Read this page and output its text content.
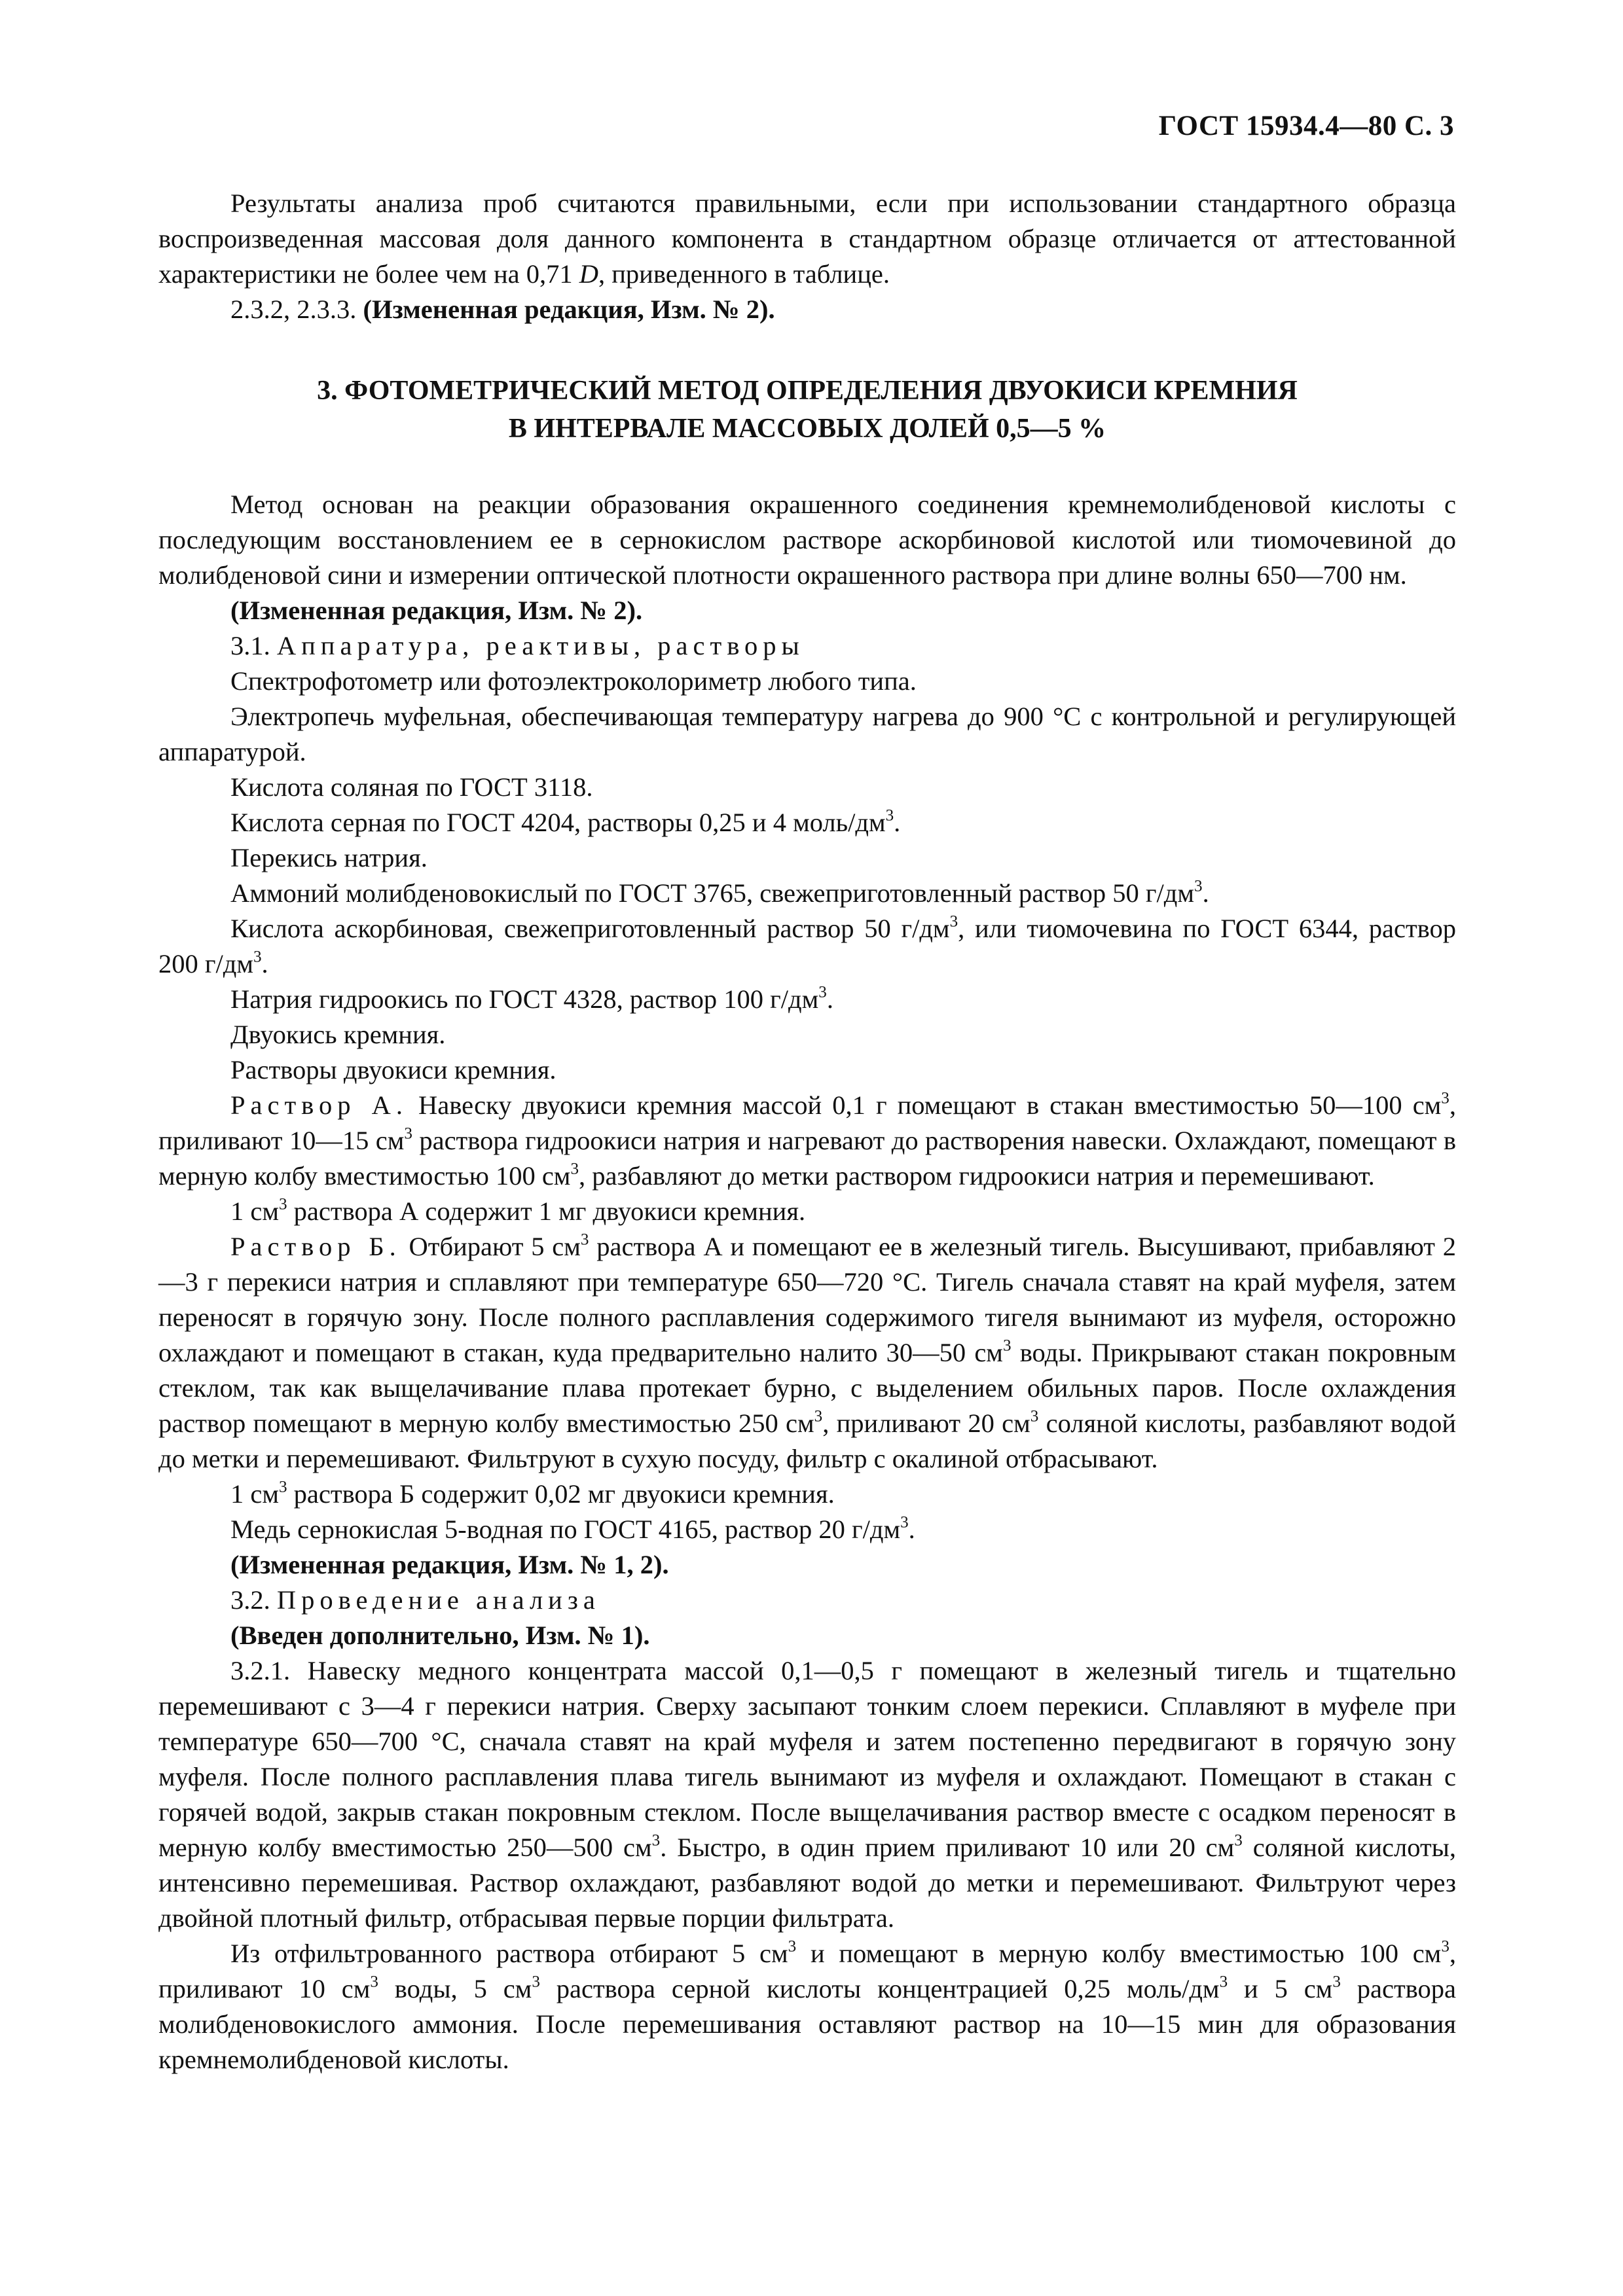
ГОСТ 15934.4—80 С. 3

Результаты анализа проб считаются правильными, если при использовании стандартного образца воспроизведенная массовая доля данного компонента в стандартном образце отличается от аттестованной характеристики не более чем на 0,71 D, приведенного в таблице.

2.3.2, 2.3.3. (Измененная редакция, Изм. № 2).

3. ФОТОМЕТРИЧЕСКИЙ МЕТОД ОПРЕДЕЛЕНИЯ ДВУОКИСИ КРЕМНИЯ
В ИНТЕРВАЛЕ МАССОВЫХ ДОЛЕЙ 0,5—5 %

Метод основан на реакции образования окрашенного соединения кремнемолибденовой кислоты с последующим восстановлением ее в сернокислом растворе аскорбиновой кислотой или тиомочевиной до молибденовой сини и измерении оптической плотности окрашенного раствора при длине волны 650—700 нм.

(Измененная редакция, Изм. № 2).

3.1. Аппаратура, реактивы, растворы

Спектрофотометр или фотоэлектроколориметр любого типа.

Электропечь муфельная, обеспечивающая температуру нагрева до 900 °С с контрольной и регулирующей аппаратурой.

Кислота соляная по ГОСТ 3118.

Кислота серная по ГОСТ 4204, растворы 0,25 и 4 моль/$дм^3$.

Перекись натрия.

Аммоний молибденовокислый по ГОСТ 3765, свежеприготовленный раствор 50 $г/дм^3$.

Кислота аскорбиновая, свежеприготовленный раствор 50 $г/дм^3$, или тиомочевина по ГОСТ 6344, раствор 200 $г/дм^3$.

Натрия гидроокись по ГОСТ 4328, раствор 100 $г/дм^3$.

Двуокись кремния.

Растворы двуокиси кремния.

Раствор А. Навеску двуокиси кремния массой 0,1 г помещают в стакан вместимостью 50—100 $см^3$, приливают 10—15 $см^3$ раствора гидроокиси натрия и нагревают до растворения навески. Охлаждают, помещают в мерную колбу вместимостью 100 $см^3$, разбавляют до метки раствором гидроокиси натрия и перемешивают.

1 $см^3$ раствора А содержит 1 мг двуокиси кремния.

Раствор Б. Отбирают 5 $см^3$ раствора А и помещают ее в железный тигель. Высушивают, прибавляют 2—3 г перекиси натрия и сплавляют при температуре 650—720 °С. Тигель сначала ставят на край муфеля, затем переносят в горячую зону. После полного расплавления содержимого тигеля вынимают из муфеля, осторожно охлаждают и помещают в стакан, куда предварительно налито 30—50 $см^3$ воды. Прикрывают стакан покровным стеклом, так как выщелачивание плава протекает бурно, с выделением обильных паров. После охлаждения раствор помещают в мерную колбу вместимостью 250 $см^3$, приливают 20 $см^3$ соляной кислоты, разбавляют водой до метки и перемешивают. Фильтруют в сухую посуду, фильтр с окалиной отбрасывают.

1 $см^3$ раствора Б содержит 0,02 мг двуокиси кремния.

Медь сернокислая 5-водная по ГОСТ 4165, раствор 20 $г/дм^3$.

(Измененная редакция, Изм. № 1, 2).

3.2. Проведение анализа

(Введен дополнительно, Изм. № 1).

3.2.1. Навеску медного концентрата массой 0,1—0,5 г помещают в железный тигель и тщательно перемешивают с 3—4 г перекиси натрия. Сверху засыпают тонким слоем перекиси. Сплавляют в муфеле при температуре 650—700 °С, сначала ставят на край муфеля и затем постепенно передвигают в горячую зону муфеля. После полного расплавления плава тигель вынимают из муфеля и охлаждают. Помещают в стакан с горячей водой, закрыв стакан покровным стеклом. После выщелачивания раствор вместе с осадком переносят в мерную колбу вместимостью 250—500 $см^3$. Быстро, в один прием приливают 10 или 20 $см^3$ соляной кислоты, интенсивно перемешивая. Раствор охлаждают, разбавляют водой до метки и перемешивают. Фильтруют через двойной плотный фильтр, отбрасывая первые порции фильтрата.

Из отфильтрованного раствора отбирают 5 $см^3$ и помещают в мерную колбу вместимостью 100 $см^3$, приливают 10 $см^3$ воды, 5 $см^3$ раствора серной кислоты концентрацией 0,25 моль/$дм^3$ и 5 $см^3$ раствора молибденовокислого аммония. После перемешивания оставляют раствор на 10—15 мин для образования кремнемолибденовой кислоты.
